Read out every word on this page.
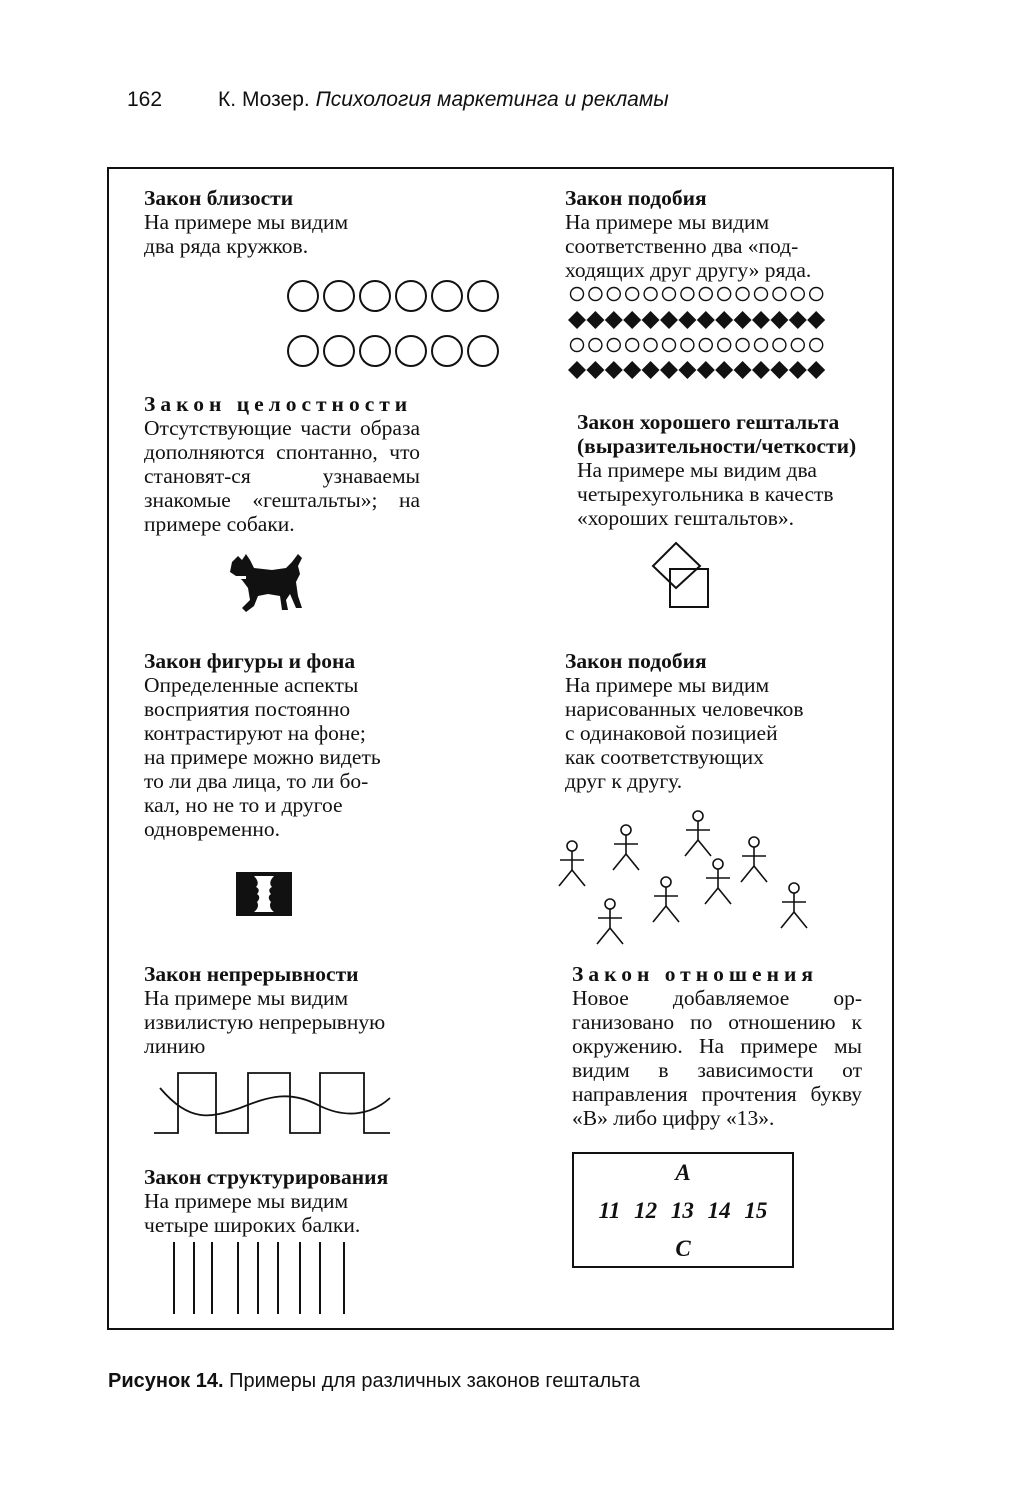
162	К. Мозер. Психология маркетинга и рекламы
Закон близости
На примере мы видим
два ряда кружков.
Закон подобия
На примере мы видим
соответственно два «под-
ходящих друг другу» ряда.
Закон целостности
Отсутствующие части образа дополняются спонтанно, что становят-ся узнаваемы знакомые «гештальты»; на примере собаки.
Закон хорошего гештальта
(выразительности/четкости)
На примере мы видим два
четырехугольника в качеств
«хороших гештальтов».
Закон фигуры и фона
Определенные аспекты
восприятия постоянно
контрастируют на фоне;
на примере можно видеть
то ли два лица, то ли бо-
кал, но не то и другое
одновременно.
Закон подобия
На примере мы видим
нарисованных человечков
с одинаковой позицией
как соответствующих
друг к другу.
Закон непрерывности
На примере мы видим
извилистую непрерывную
линию
Закон отношения
Новое добавляемое ор-ганизовано по отношению к окружению. На примере мы видим в зависимости от направления прочтения букву «В» либо цифру «13».
A
11 12 13 14 15
C
Закон структурирования
На примере мы видим
четыре широких балки.
Рисунок 14. Примеры для различных законов гештальта
